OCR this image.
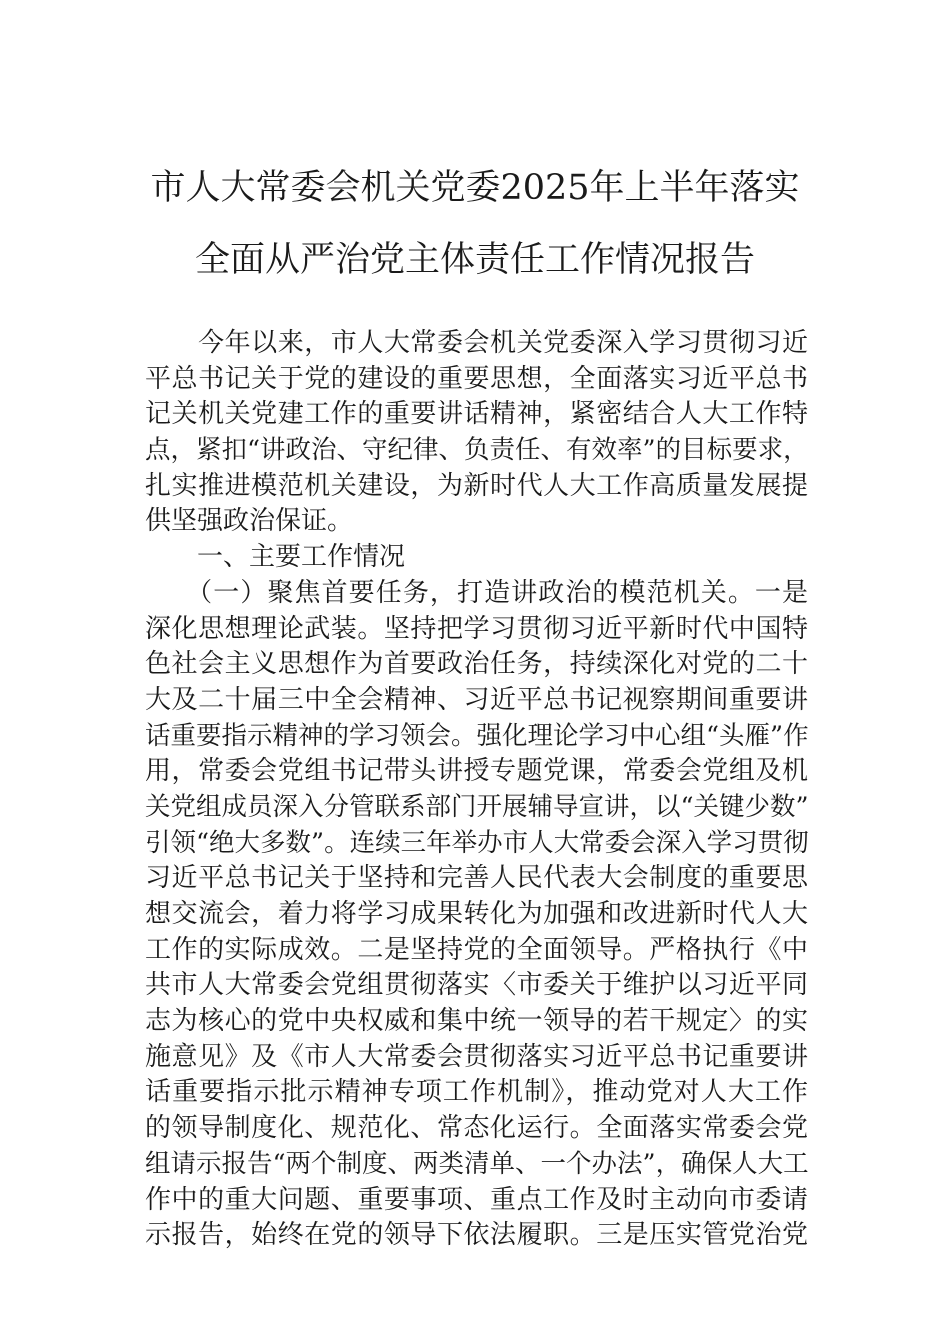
市人大常委会机关党委2025年上半年落实
全面从严治党主体责任工作情况报告
　　今年以来，市人大常委会机关党委深入学习贯彻习近
平总书记关于党的建设的重要思想，全面落实习近平总书
记关机关党建工作的重要讲话精神，紧密结合人大工作特
点，紧扣“讲政治、守纪律、负责任、有效率”的目标要求，
扎实推进模范机关建设，为新时代人大工作高质量发展提
供坚强政治保证。
　　一、主要工作情况
　　（一）聚焦首要任务，打造讲政治的模范机关。一是
深化思想理论武装。坚持把学习贯彻习近平新时代中国特
色社会主义思想作为首要政治任务，持续深化对党的二十
大及二十届三中全会精神、习近平总书记视察期间重要讲
话重要指示精神的学习领会。强化理论学习中心组“头雁”作
用，常委会党组书记带头讲授专题党课，常委会党组及机
关党组成员深入分管联系部门开展辅导宣讲，以“关键少数”
引领“绝大多数”。连续三年举办市人大常委会深入学习贯彻
习近平总书记关于坚持和完善人民代表大会制度的重要思
想交流会，着力将学习成果转化为加强和改进新时代人大
工作的实际成效。二是坚持党的全面领导。严格执行《中
共市人大常委会党组贯彻落实〈市委关于维护以习近平同
志为核心的党中央权威和集中统一领导的若干规定〉的实
施意见》及《市人大常委会贯彻落实习近平总书记重要讲
话重要指示批示精神专项工作机制》，推动党对人大工作
的领导制度化、规范化、常态化运行。全面落实常委会党
组请示报告“两个制度、两类清单、一个办法”，确保人大工
作中的重大问题、重要事项、重点工作及时主动向市委请
示报告，始终在党的领导下依法履职。三是压实管党治党
